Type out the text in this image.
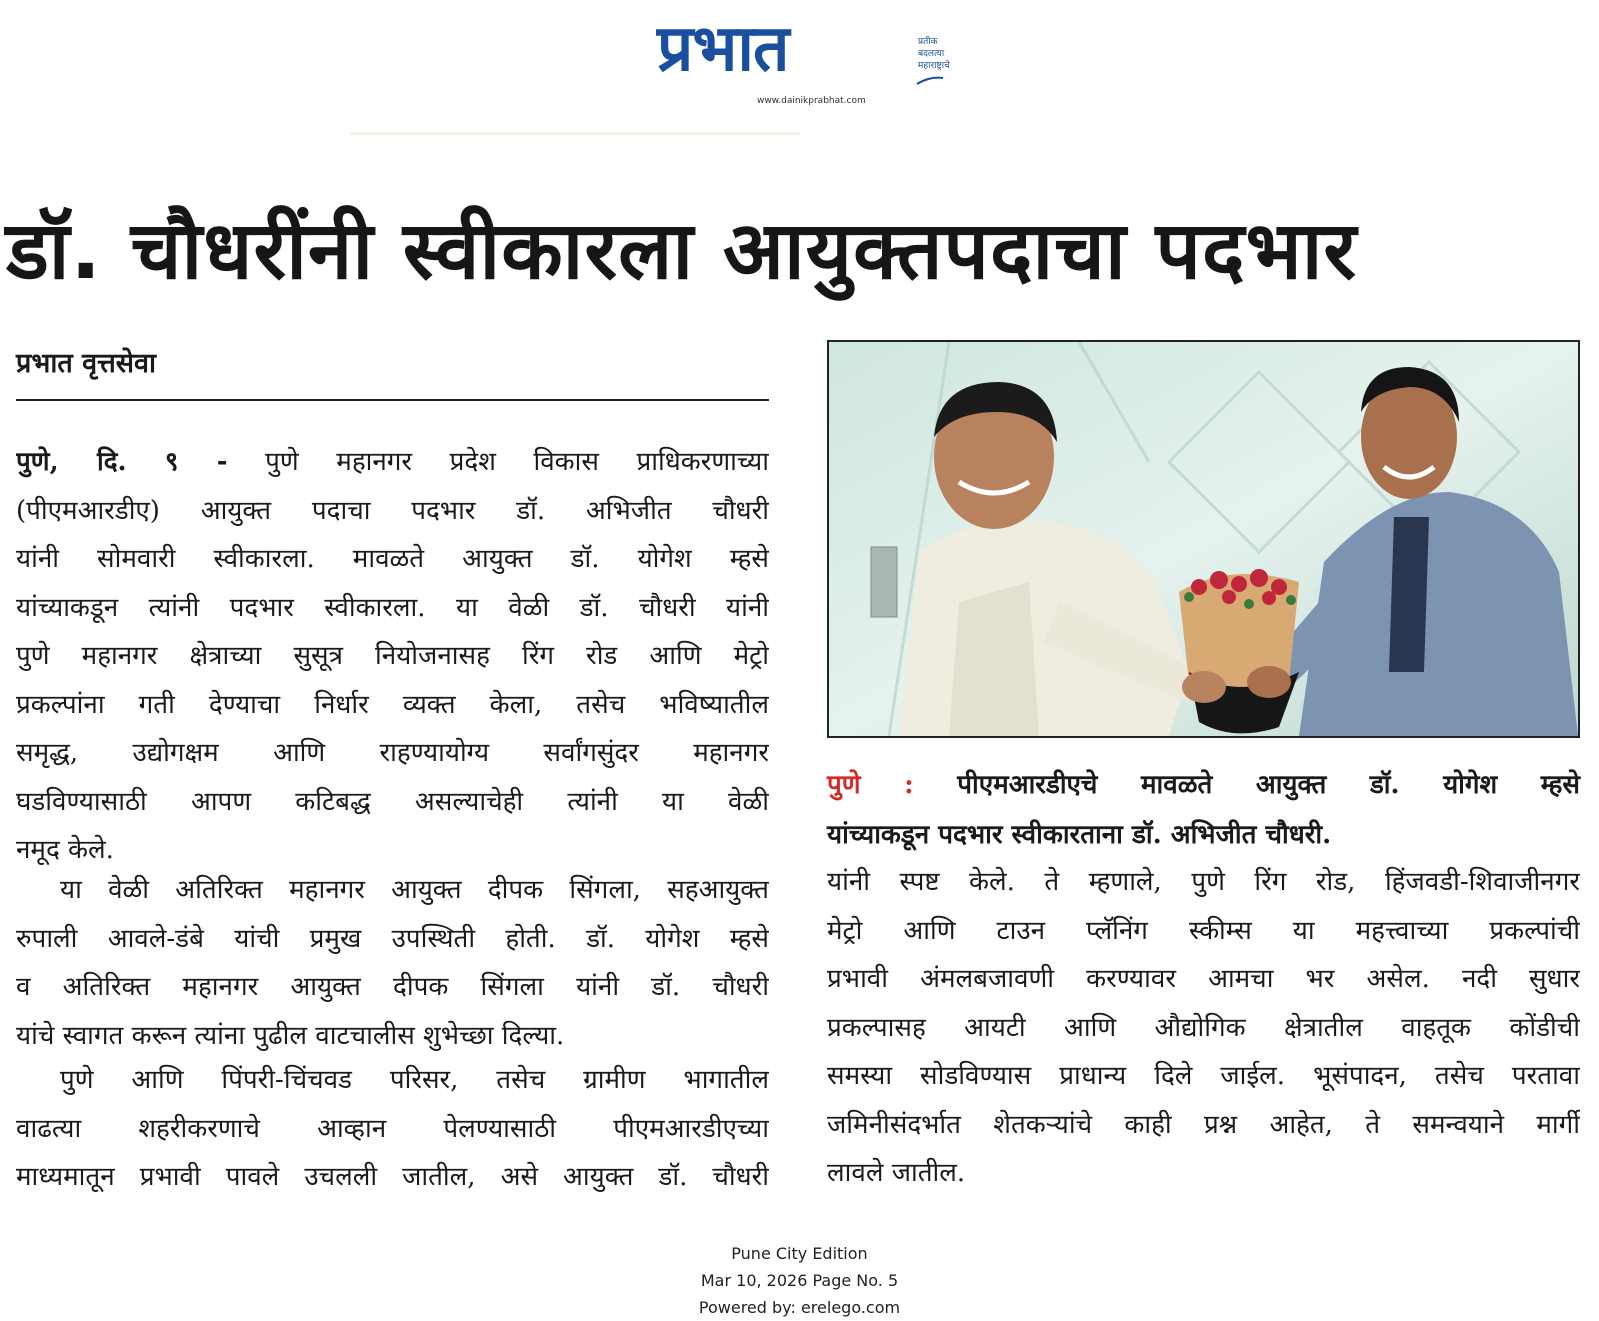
प्रभात	प्रतीक
बदलत्या
महाराष्ट्राचे
www.dainikprabhat.com
डॉ. चौधरींनी स्वीकारला आयुक्तपदाचा पदभार
प्रभात वृत्तसेवा
पुणे, दि. ९ - पुणे महानगर प्रदेश विकास प्राधिकरणाच्या
(पीएमआरडीए) आयुक्त पदाचा पदभार डॉ. अभिजीत चौधरी
यांनी सोमवारी स्वीकारला. मावळते आयुक्त डॉ. योगेश म्हसे
यांच्याकडून त्यांनी पदभार स्वीकारला. या वेळी डॉ. चौधरी यांनी
पुणे महानगर क्षेत्राच्या सुसूत्र नियोजनासह रिंग रोड आणि मेट्रो
प्रकल्पांना गती देण्याचा निर्धार व्यक्त केला, तसेच भविष्यातील
समृद्ध, उद्योगक्षम आणि राहण्यायोग्य सर्वांगसुंदर महानगर
घडविण्यासाठी आपण कटिबद्ध असल्याचेही त्यांनी या वेळी
नमूद केले.
या वेळी अतिरिक्त महानगर आयुक्त दीपक सिंगला, सहआयुक्त
रुपाली आवले-डंबे यांची प्रमुख उपस्थिती होती. डॉ. योगेश म्हसे
व अतिरिक्त महानगर आयुक्त दीपक सिंगला यांनी डॉ. चौधरी
यांचे स्वागत करून त्यांना पुढील वाटचालीस शुभेच्छा दिल्या.
पुणे आणि पिंपरी-चिंचवड परिसर, तसेच ग्रामीण भागातील
वाढत्या शहरीकरणाचे आव्हान पेलण्यासाठी पीएमआरडीएच्या
माध्यमातून प्रभावी पावले उचलली जातील, असे आयुक्त डॉ. चौधरी
पुणे : पीएमआरडीएचे मावळते आयुक्त डॉ. योगेश म्हसे
यांच्याकडून पदभार स्वीकारताना डॉ. अभिजीत चौधरी.
यांनी स्पष्ट केले. ते म्हणाले, पुणे रिंग रोड, हिंजवडी-शिवाजीनगर
मेट्रो आणि टाउन प्लॅनिंग स्कीम्स या महत्त्वाच्या प्रकल्पांची
प्रभावी अंमलबजावणी करण्यावर आमचा भर असेल. नदी सुधार
प्रकल्पासह आयटी आणि औद्योगिक क्षेत्रातील वाहतूक कोंडीची
समस्या सोडविण्यास प्राधान्य दिले जाईल. भूसंपादन, तसेच परतावा
जमिनीसंदर्भात शेतकऱ्यांचे काही प्रश्न आहेत, ते समन्वयाने मार्गी
लावले जातील.
Pune City Edition
Mar 10, 2026 Page No. 5
Powered by: erelego.com
